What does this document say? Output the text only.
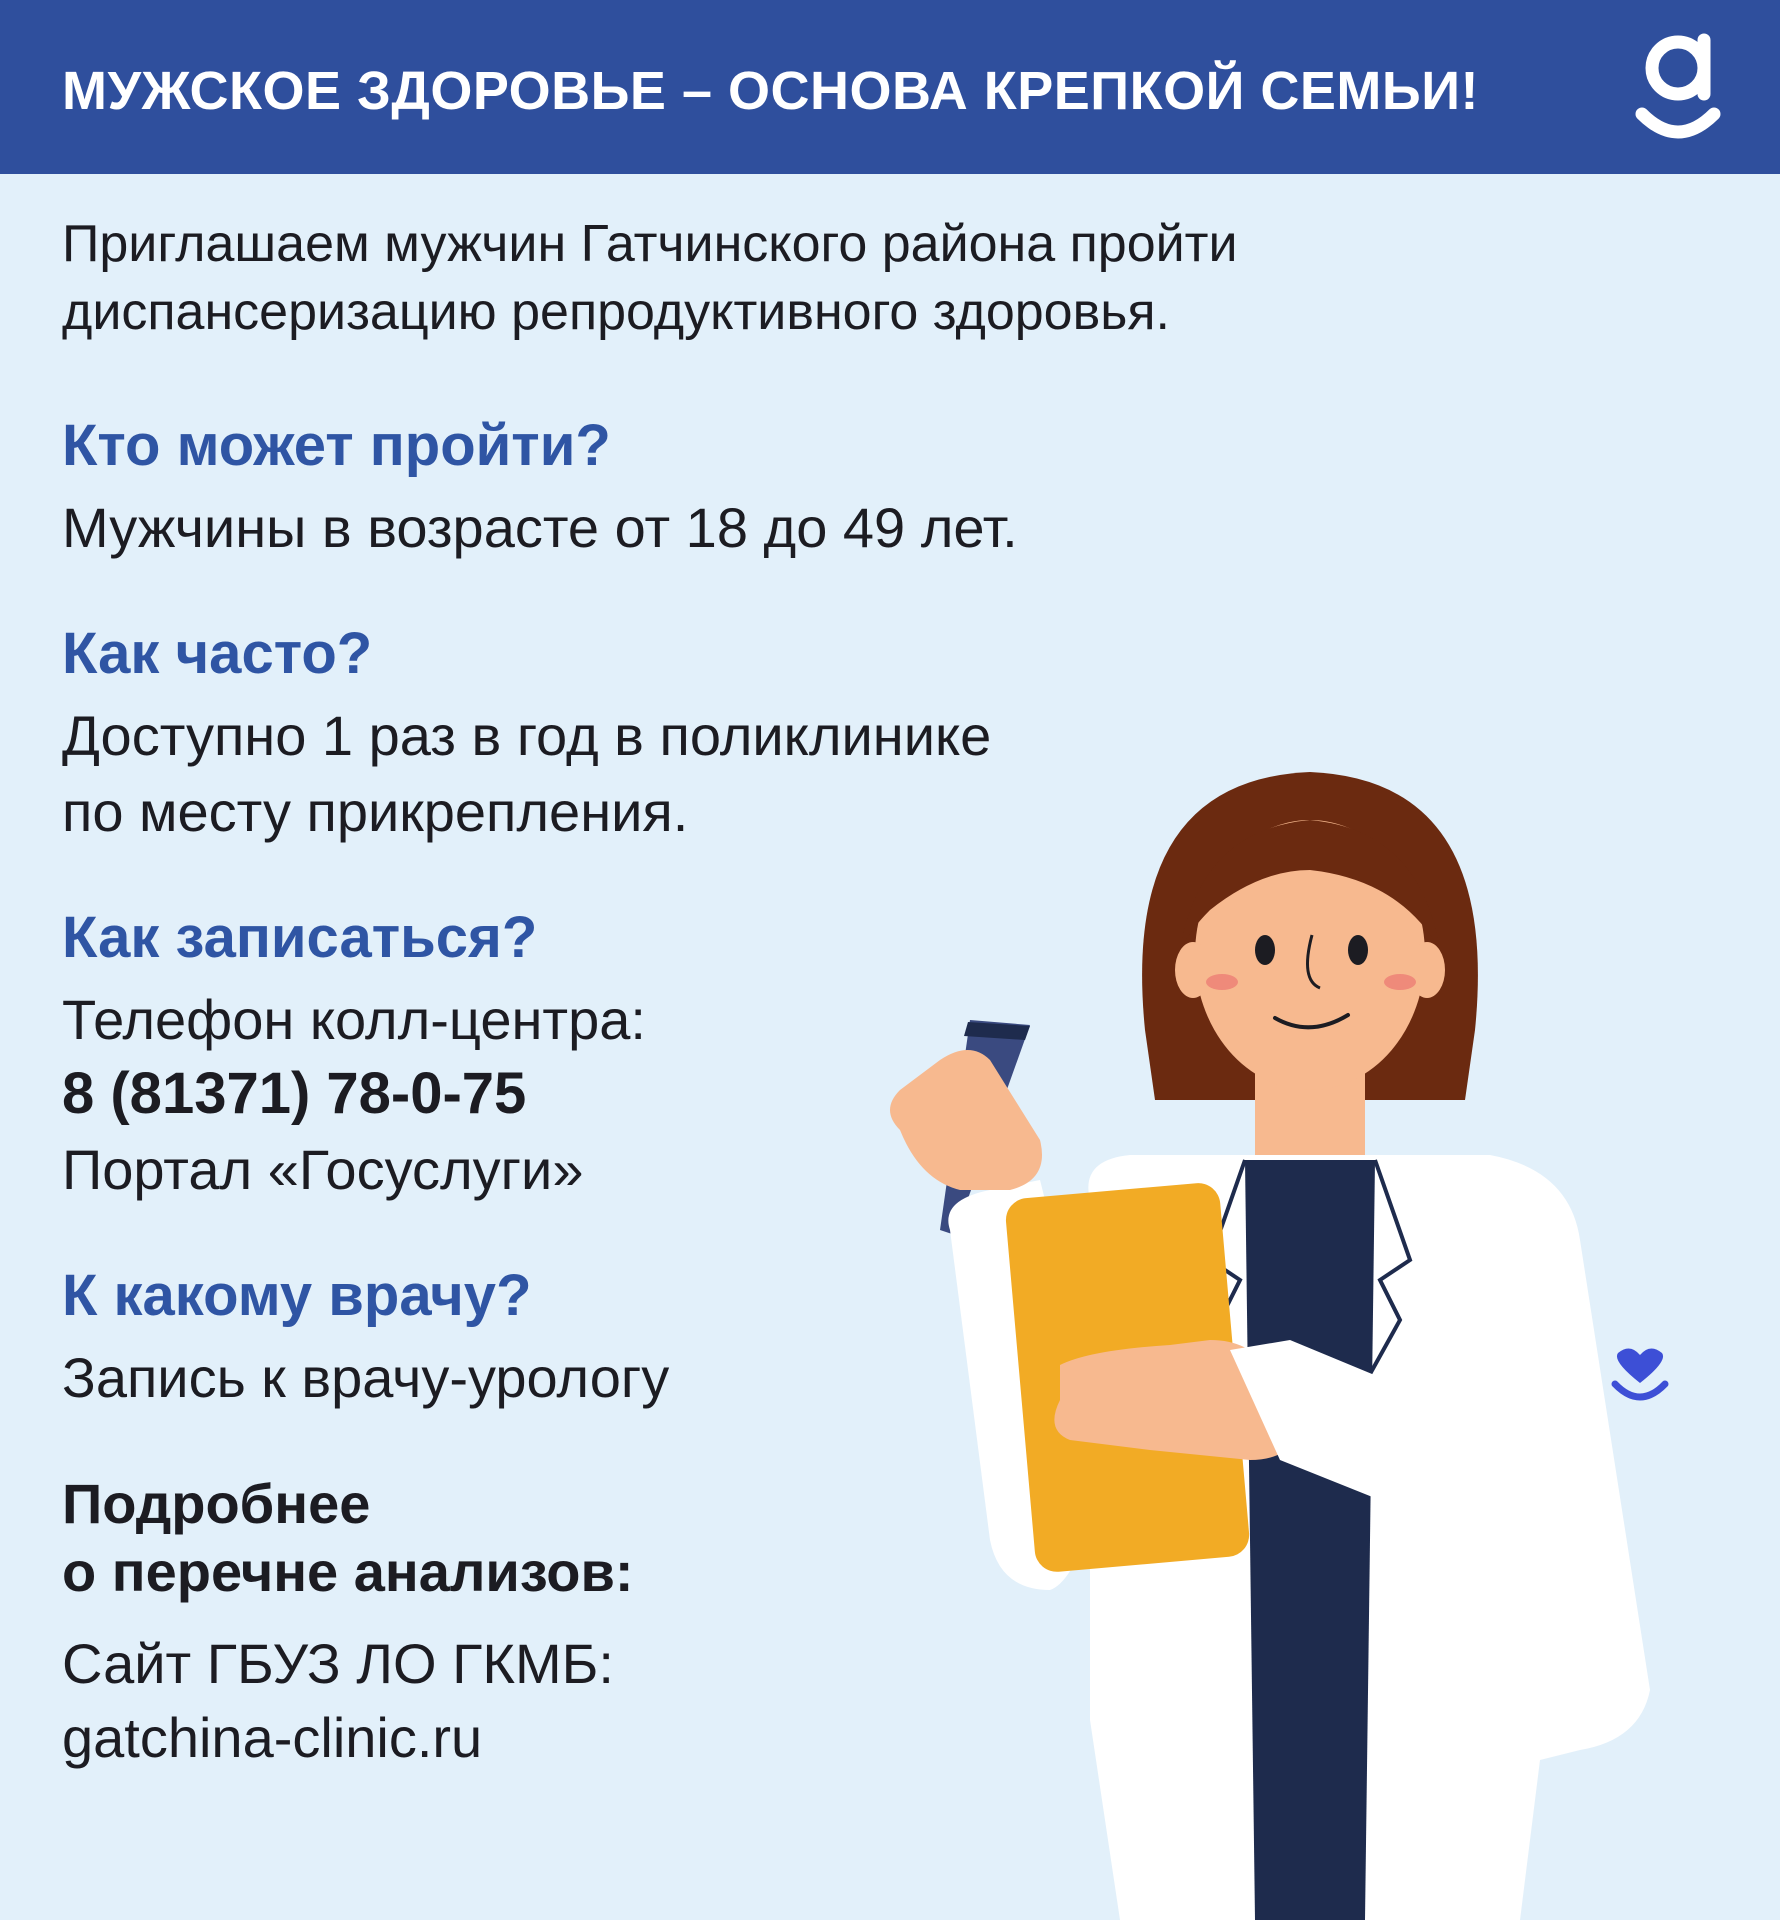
МУЖСКОЕ ЗДОРОВЬЕ – ОСНОВА КРЕПКОЙ СЕМЬИ!

Приглашаем мужчин Гатчинского района пройти

диспансеризацию репродуктивного здоровья.

Кто может пройти?

Мужчины в возрасте от 18 до 49 лет.

Как часто?

Доступно 1 раз в год в поликлинике

по месту прикрепления.

Как записаться?

Телефон колл-центра:

8 (81371) 78-0-75

Портал «Госуслуги»

К какому врачу?

Запись к врачу-урологу

Подробнее

о перечне анализов:

Сайт ГБУЗ ЛО ГКМБ:

gatchina-clinic.ru
